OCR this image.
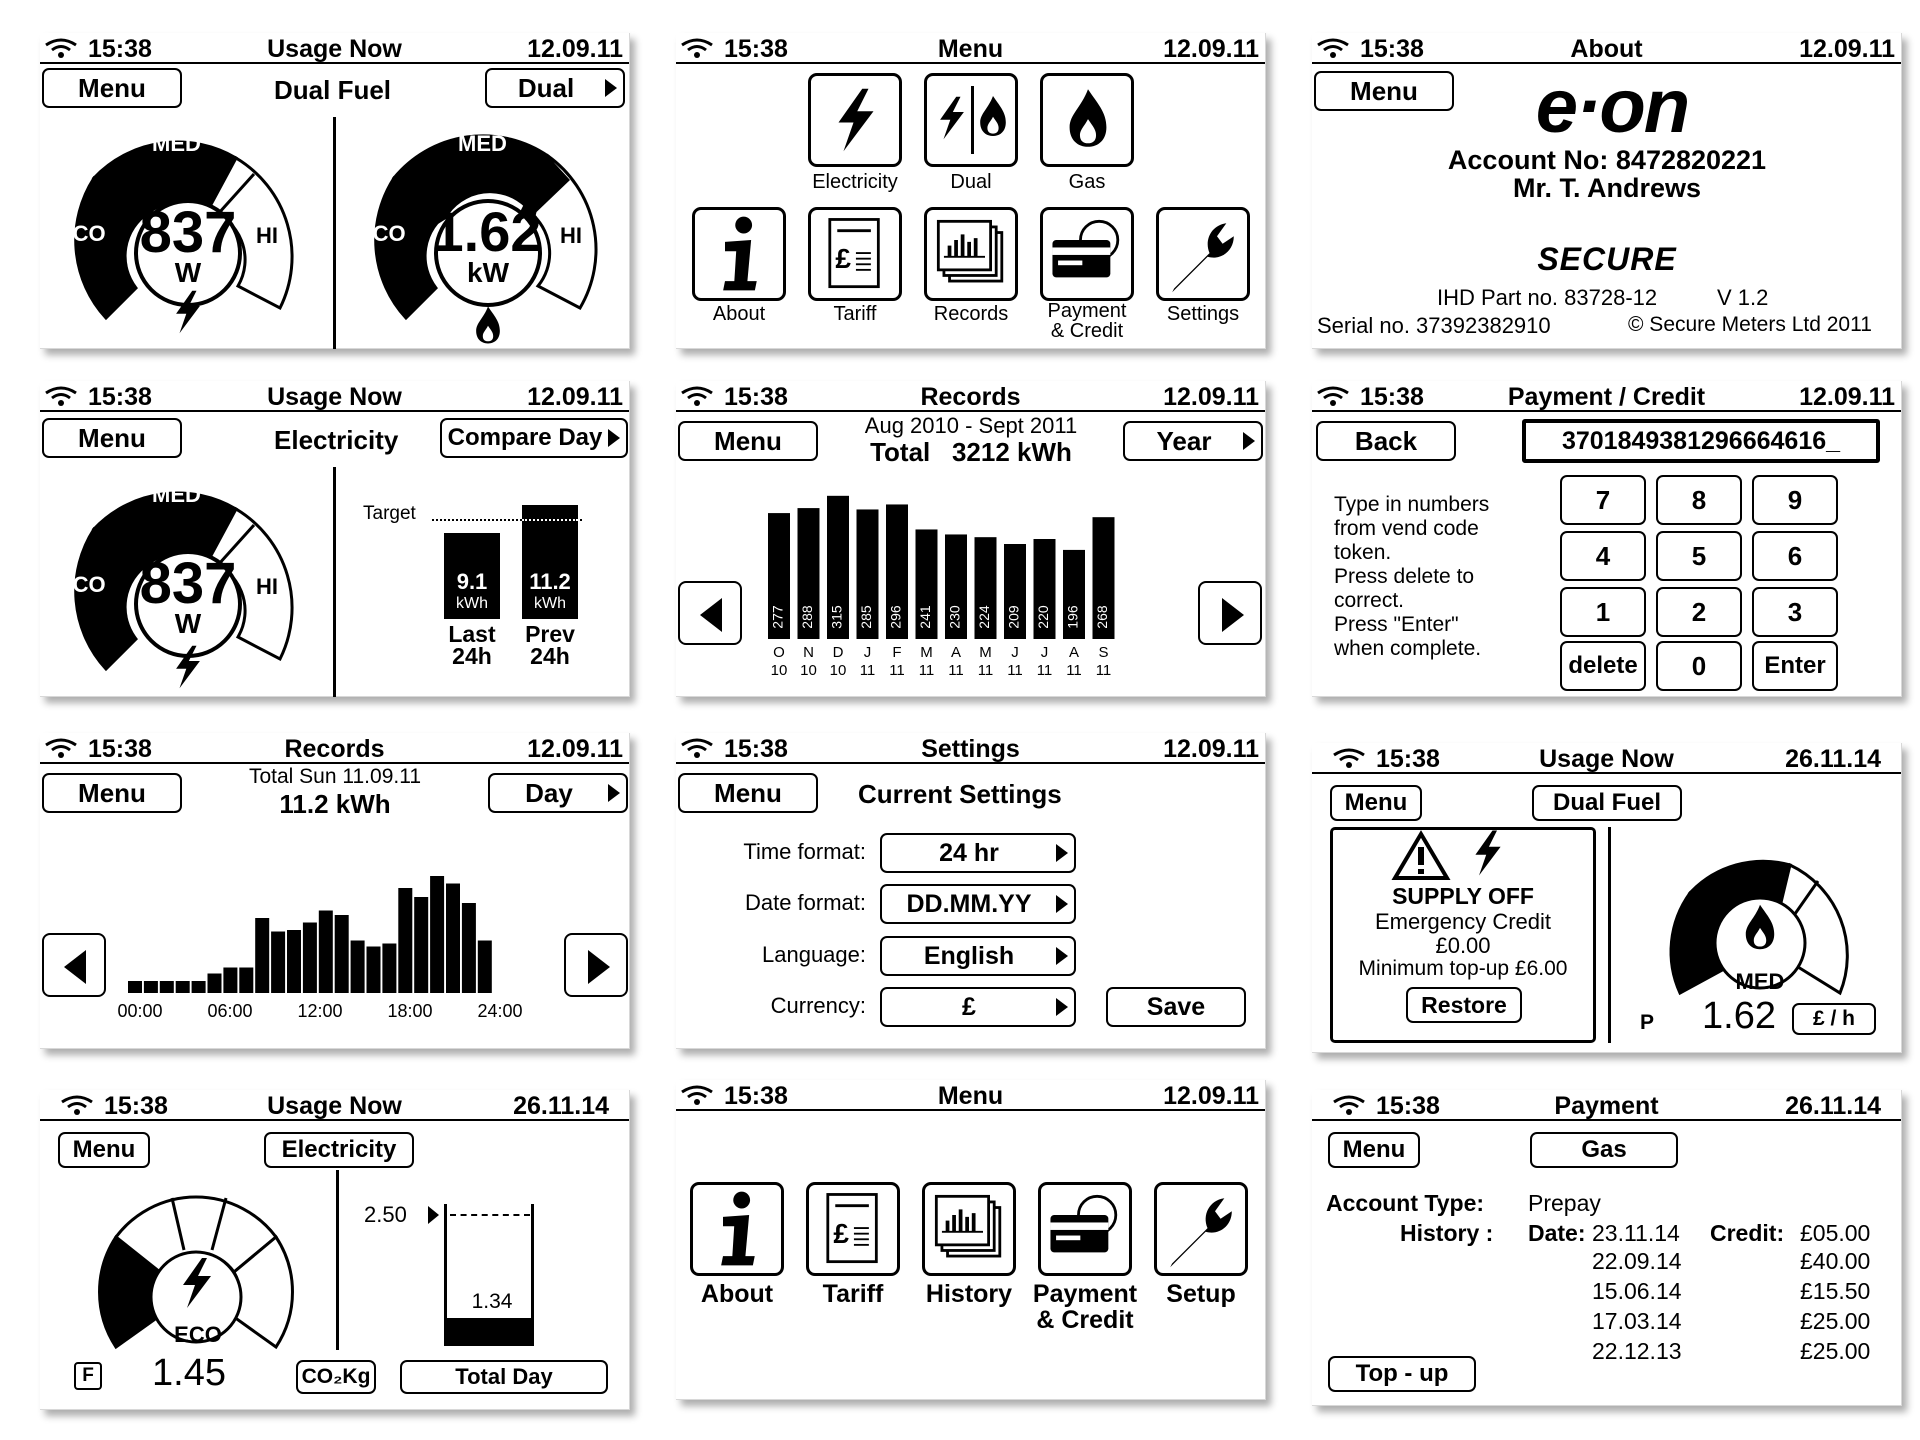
15:38	Usage Now	12.09.11
Menu	Dual Fuel	Dual
MED
ECO	HI
837
W
MED
ECO	HI
1.62
kW
15:38	Menu	12.09.11
Electricity	Dual	Gas
About	Tariff	Records	Payment
& Credit
Settings
15:38	About	12.09.11
Menu	e·on
Account No: 8472820221
Mr. T. Andrews
SECURE
IHD Part no. 83728-12	V 1.2
Serial no. 37392382910	© Secure Meters Ltd 2011
15:38	Usage Now	12.09.11
Menu	Electricity	Compare Day
MED
ECO	HI
837
W
Target
9.1
kWh
Last
24h
11.2
kWh
Prev
24h
15:38	Records	12.09.11
Menu
Aug 2010 - Sept 2011
Total   3212 kWh	Year
277
O
10
288
N
10
315
D
10
285
J
11
296
F
11
241
M
11
230
A
11
224
M
11
209
J
11
220
J
11
196
A
11
268
S
11
15:38	Payment / Credit	12.09.11
Back	3701849381296664616_
Type in numbers
from vend code
token.
Press delete to
correct.
Press "Enter"
when complete.
7	8	9
4	5	6
1	2	3
delete	0	Enter
15:38	Records	12.09.11
Menu
Total Sun 11.09.11
11.2 kWh	Day
00:00 06:00 12:00 18:00 24:00
15:38	Settings	12.09.11
Menu	Current Settings
Time format:	24 hr
Date format:	DD.MM.YY
Language:	English
Currency:	£	Save
15:38	Usage Now	26.11.14
Menu	Dual Fuel
SUPPLY OFF
Emergency Credit
£0.00
Minimum top-up £6.00
Restore
MED
P 1.62	£ / h
15:38	Usage Now	26.11.14
Menu	Electricity
ECO
F 1.45	CO₂Kg	Total Day
2.50
1.34
15:38	Menu	12.09.11
About	Tariff	History Payment
& Credit
Setup
15:38	Payment	26.11.14
Menu	Gas
Account Type: Prepay
History : Date:	Credit:
23.11.14	£05.00
22.09.14	£40.00
15.06.14	£15.50
17.03.14	£25.00
22.12.13	£25.00
Top - up
